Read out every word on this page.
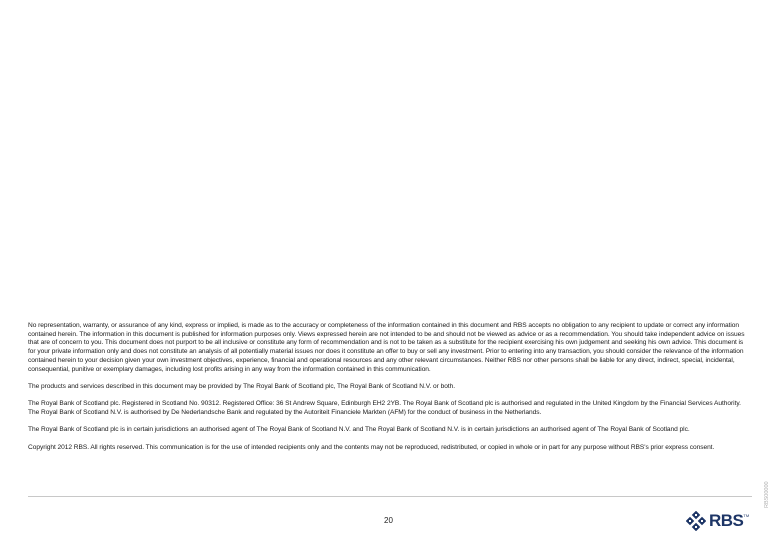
No representation, warranty, or assurance of any kind, express or implied, is made as to the accuracy or completeness of the information contained in this document and RBS accepts no obligation to any recipient to update or correct any information contained herein. The information in this document is published for information purposes only. Views expressed herein are not intended to be and should not be viewed as advice or as a recommendation. You should take independent advice on issues that are of concern to you. This document does not purport to be all inclusive or constitute any form of recommendation and is not to be taken as a substitute for the recipient exercising his own judgement and seeking his own advice. This document is for your private information only and does not constitute an analysis of all potentially material issues nor does it constitute an offer to buy or sell any investment. Prior to entering into any transaction, you should consider the relevance of the information contained herein to your decision given your own investment objectives, experience, financial and operational resources and any other relevant circumstances. Neither RBS nor other persons shall be liable for any direct, indirect, special, incidental, consequential, punitive or exemplary damages, including lost profits arising in any way from the information contained in this communication.

The products and services described in this document may be provided by The Royal Bank of Scotland plc, The Royal Bank of Scotland N.V. or both.

The Royal Bank of Scotland plc. Registered in Scotland No. 90312. Registered Office: 36 St Andrew Square, Edinburgh EH2 2YB. The Royal Bank of Scotland plc is authorised and regulated in the United Kingdom by the Financial Services Authority. The Royal Bank of Scotland N.V. is authorised by De Nederlandsche Bank and regulated by the Autoriteit Financiele Markten (AFM) for the conduct of business in the Netherlands.

The Royal Bank of Scotland plc is in certain jurisdictions an authorised agent of The Royal Bank of Scotland N.V. and The Royal Bank of Scotland N.V. is in certain jurisdictions an authorised agent of The Royal Bank of Scotland plc.

Copyright 2012 RBS. All rights reserved. This communication is for the use of intended recipients only and the contents may not be reproduced, redistributed, or copied in whole or in part for any purpose without RBS's prior express consent.

20
RBS00000
RBS TM
